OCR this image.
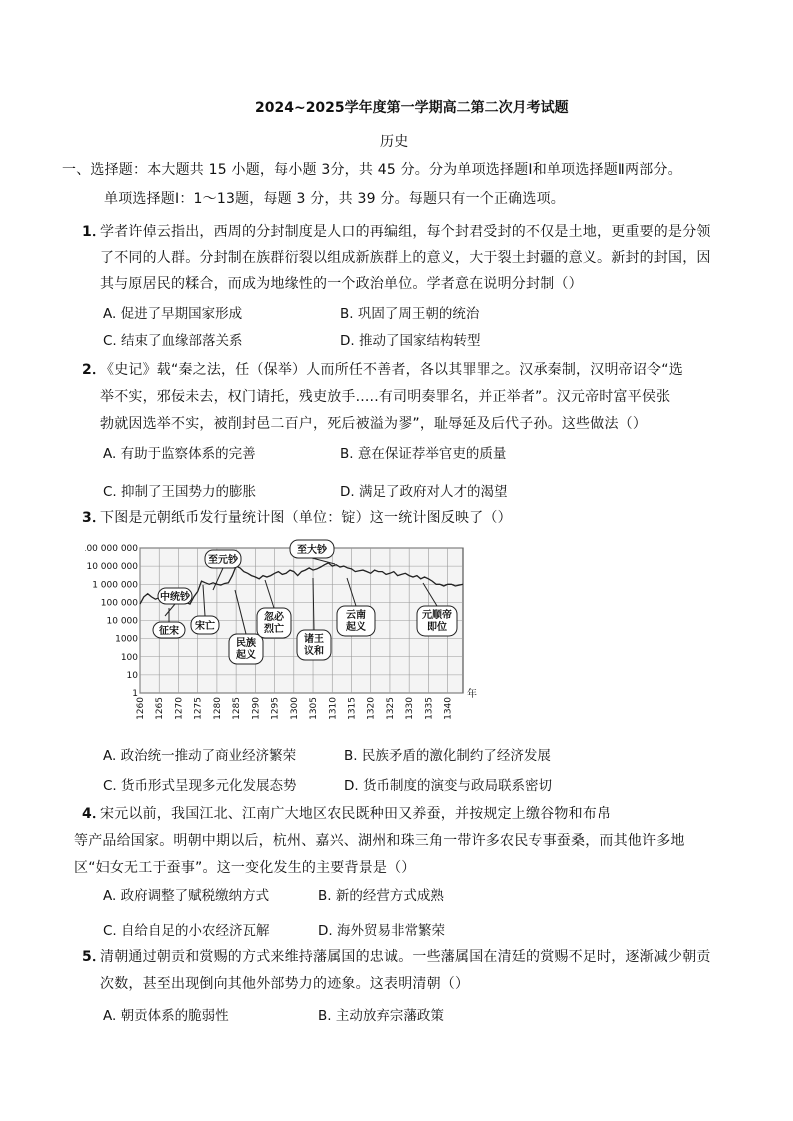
2024~2025学年度第一学期高二第二次月考试题
历史
一、选择题：本大题共 15 小题，每小题 3分，共 45 分。分为单项选择题Ⅰ和单项选择题Ⅱ两部分。
单项选择题Ⅰ：1～13题，每题 3 分，共 39 分。每题只有一个正确选项。
1．
学者许倬云指出，西周的分封制度是人口的再编组，每个封君受封的不仅是土地，更重要的是分领
了不同的人群。分封制在族群衍裂以组成新族群上的意义，大于裂土封疆的意义。新封的封国，因
其与原居民的糅合，而成为地缘性的一个政治单位。学者意在说明分封制（）
A. 促进了早期国家形成	B. 巩固了周王朝的统治
C. 结束了血缘部落关系	D. 推动了国家结构转型
2．
《史记》载“秦之法，任（保举）人而所任不善者，各以其罪罪之。汉承秦制，汉明帝诏令“选
举不实，邪佞未去，权门请托，残吏放手.....有司明奏罪名，并正举者”。汉元帝时富平侯张
勃就因选举不实，被削封邑二百户，死后被溢为翏”，耻辱延及后代子孙。这些做法（）
A. 有助于监察体系的完善	B. 意在保证荐举官吏的质量
C. 抑制了王国势力的膨胀	D. 满足了政府对人才的渴望
3．
下图是元朝纸币发行量统计图（单位：锭）这一统计图反映了（）
100 000 000
10 000 000
1 000 000
100 000
10 000
1000
100
10
1
1260 1265 1270 1275 1280 1285 1290 1295 1300 1305 1310 1315 1320 1325 1330 1335 1340
年
中统钞
征宋 宋亡
至元钞
民族
起义
忽必
烈亡
诸王
议和
至大钞
云南
起义
元顺帝
即位
A. 政治统一推动了商业经济繁荣	B. 民族矛盾的激化制约了经济发展
C. 货币形式呈现多元化发展态势	D. 货币制度的演变与政局联系密切
4．
宋元以前，我国江北、江南广大地区农民既种田又养蚕，并按规定上缴谷物和布帛
等产品给国家。明朝中期以后，杭州、嘉兴、湖州和珠三角一带许多农民专事蚕桑，而其他许多地
区“妇女无工于蚕事”。这一变化发生的主要背景是（）
A. 政府调整了赋税缴纳方式	B. 新的经营方式成熟
C. 自给自足的小农经济瓦解	D. 海外贸易非常繁荣
5．
清朝通过朝贡和赏赐的方式来维持藩属国的忠诚。一些藩属国在清廷的赏赐不足时，逐渐减少朝贡
次数，甚至出现倒向其他外部势力的迹象。这表明清朝（）
A. 朝贡体系的脆弱性	B. 主动放弃宗藩政策
